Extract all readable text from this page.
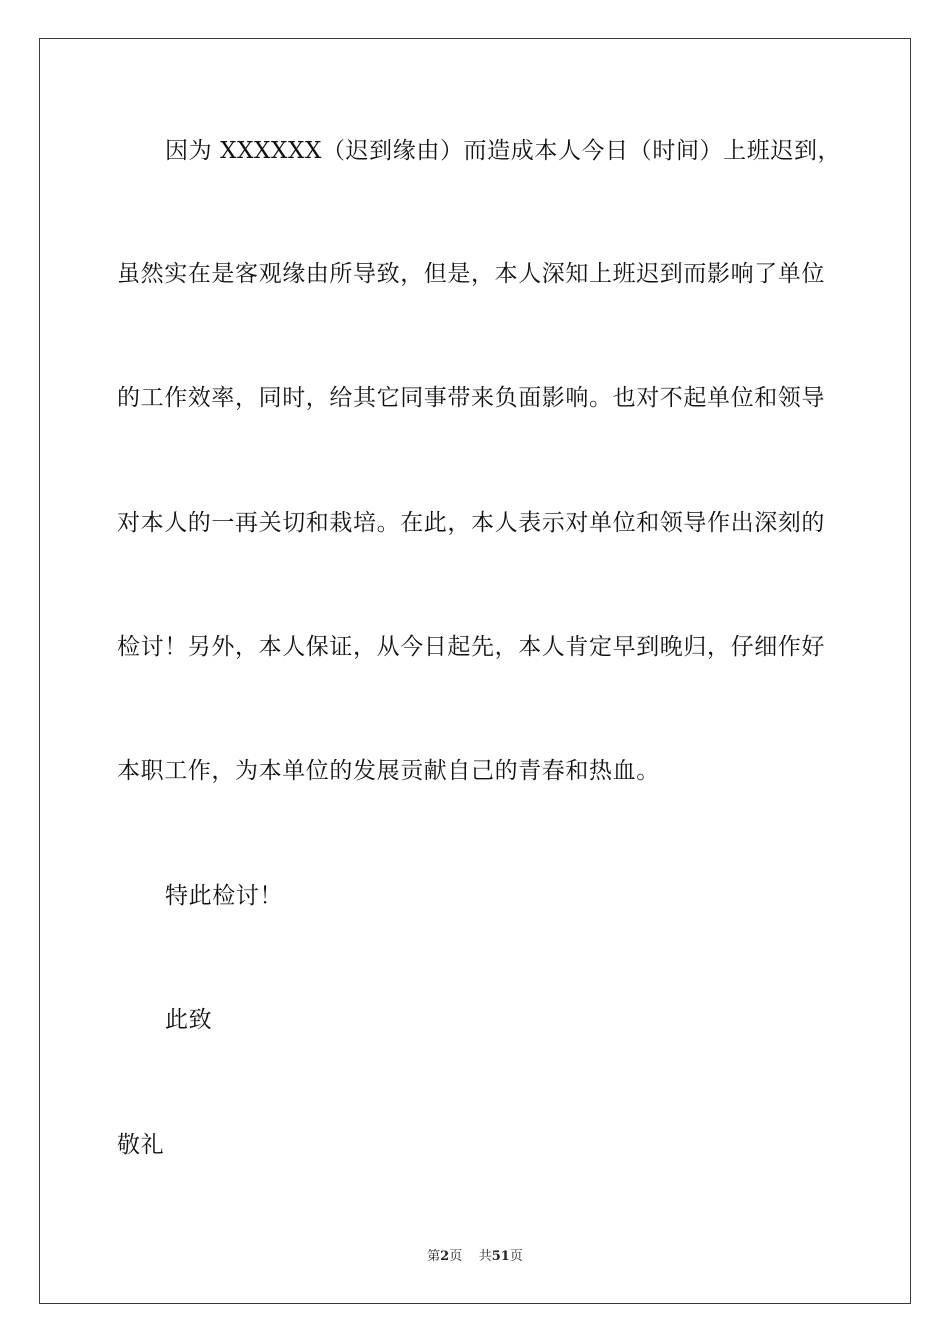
因为 XXXXXX（迟到缘由）而造成本人今日（时间）上班迟到，
虽然实在是客观缘由所导致，但是，本人深知上班迟到而影响了单位
的工作效率，同时，给其它同事带来负面影响。也对不起单位和领导
对本人的一再关切和栽培。在此，本人表示对单位和领导作出深刻的
检讨！另外，本人保证，从今日起先，本人肯定早到晚归，仔细作好
本职工作，为本单位的发展贡献自己的青春和热血。
特此检讨！
此致
敬礼
第2页 共51页
